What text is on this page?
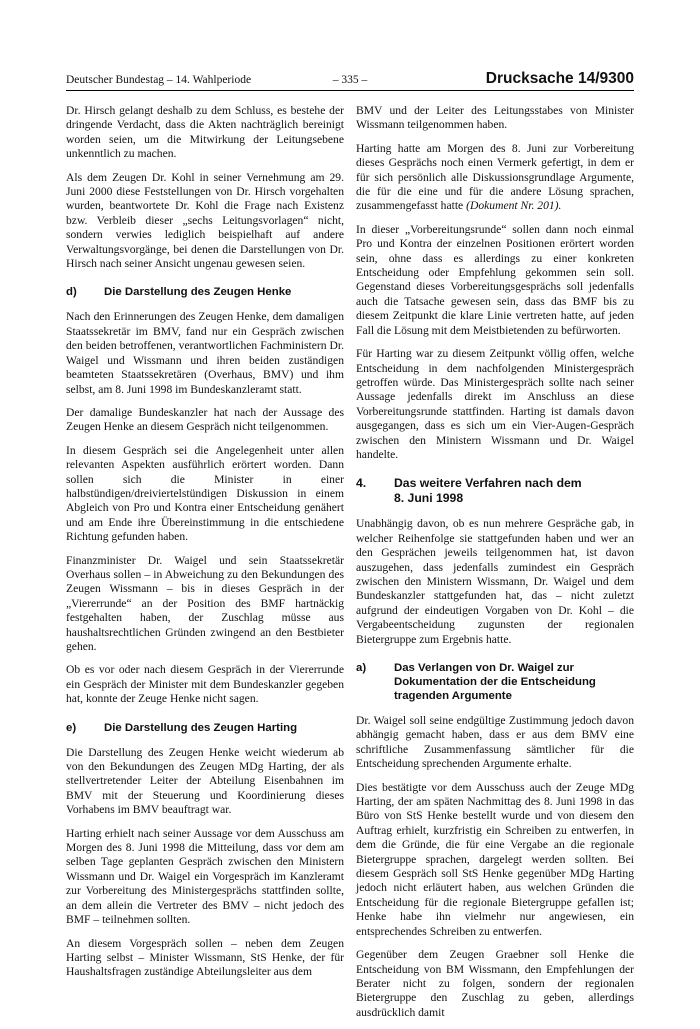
Deutscher Bundestag – 14. Wahlperiode	– 335 –	Drucksache 14/9300

Dr. Hirsch gelangt deshalb zu dem Schluss, es bestehe der dringende Verdacht, dass die Akten nachträglich bereinigt worden seien, um die Mitwirkung der Leitungsebene unkenntlich zu machen.

Als dem Zeugen Dr. Kohl in seiner Vernehmung am 29. Juni 2000 diese Feststellungen von Dr. Hirsch vorgehalten wurden, beantwortete Dr. Kohl die Frage nach Existenz bzw. Verbleib dieser „sechs Leitungsvorlagen“ nicht, sondern verwies lediglich beispielhaft auf andere Verwaltungsvorgänge, bei denen die Darstellungen von Dr. Hirsch nach seiner Ansicht ungenau gewesen seien.

d)	Die Darstellung des Zeugen Henke

Nach den Erinnerungen des Zeugen Henke, dem damaligen Staatssekretär im BMV, fand nur ein Gespräch zwischen den beiden betroffenen, verantwortlichen Fachministern Dr. Waigel und Wissmann und ihren beiden zuständigen beamteten Staatssekretären (Overhaus, BMV) und ihm selbst, am 8. Juni 1998 im Bundeskanzleramt statt.

Der damalige Bundeskanzler hat nach der Aussage des Zeugen Henke an diesem Gespräch nicht teilgenommen.

In diesem Gespräch sei die Angelegenheit unter allen relevanten Aspekten ausführlich erörtert worden. Dann sollen sich die Minister in einer halbstündigen/dreiviertelstündigen Diskussion in einem Abgleich von Pro und Kontra einer Entscheidung genähert und am Ende ihre Übereinstimmung in die entschiedene Richtung gefunden haben.

Finanzminister Dr. Waigel und sein Staatssekretär Overhaus sollen – in Abweichung zu den Bekundungen des Zeugen Wissmann – bis in dieses Gespräch in der „Viererrunde“ an der Position des BMF hartnäckig festgehalten haben, der Zuschlag müsse aus haushaltsrechtlichen Gründen zwingend an den Bestbieter gehen.

Ob es vor oder nach diesem Gespräch in der Viererrunde ein Gespräch der Minister mit dem Bundeskanzler gegeben hat, konnte der Zeuge Henke nicht sagen.

e)	Die Darstellung des Zeugen Harting

Die Darstellung des Zeugen Henke weicht wiederum ab von den Bekundungen des Zeugen MDg Harting, der als stellvertretender Leiter der Abteilung Eisenbahnen im BMV mit der Steuerung und Koordinierung dieses Vorhabens im BMV beauftragt war.

Harting erhielt nach seiner Aussage vor dem Ausschuss am Morgen des 8. Juni 1998 die Mitteilung, dass vor dem am selben Tage geplanten Gespräch zwischen den Ministern Wissmann und Dr. Waigel ein Vorgespräch im Kanzleramt zur Vorbereitung des Ministergesprächs stattfinden sollte, an dem allein die Vertreter des BMV – nicht jedoch des BMF – teilnehmen sollten.

An diesem Vorgespräch sollen – neben dem Zeugen Harting selbst – Minister Wissmann, StS Henke, der für Haushaltsfragen zuständige Abteilungsleiter aus dem

BMV und der Leiter des Leitungsstabes von Minister Wissmann teilgenommen haben.

Harting hatte am Morgen des 8. Juni zur Vorbereitung dieses Gesprächs noch einen Vermerk gefertigt, in dem er für sich persönlich alle Diskussionsgrundlage Argumente, die für die eine und für die andere Lösung sprachen, zusammengefasst hatte (Dokument Nr. 201).

In dieser „Vorbereitungsrunde“ sollen dann noch einmal Pro und Kontra der einzelnen Positionen erörtert worden sein, ohne dass es allerdings zu einer konkreten Entscheidung oder Empfehlung gekommen sein soll. Gegenstand dieses Vorbereitungsgesprächs soll jedenfalls auch die Tatsache gewesen sein, dass das BMF bis zu diesem Zeitpunkt die klare Linie vertreten hatte, auf jeden Fall die Lösung mit dem Meistbietenden zu befürworten.

Für Harting war zu diesem Zeitpunkt völlig offen, welche Entscheidung in dem nachfolgenden Ministergespräch getroffen würde. Das Ministergespräch sollte nach seiner Aussage jedenfalls direkt im Anschluss an diese Vorbereitungsrunde stattfinden. Harting ist damals davon ausgegangen, dass es sich um ein Vier-Augen-Gespräch zwischen den Ministern Wissmann und Dr. Waigel handelte.

4.	Das weitere Verfahren nach dem
8. Juni 1998

Unabhängig davon, ob es nun mehrere Gespräche gab, in welcher Reihenfolge sie stattgefunden haben und wer an den Gesprächen jeweils teilgenommen hat, ist davon auszugehen, dass jedenfalls zumindest ein Gespräch zwischen den Ministern Wissmann, Dr. Waigel und dem Bundeskanzler stattgefunden hat, das – nicht zuletzt aufgrund der eindeutigen Vorgaben von Dr. Kohl – die Vergabeentscheidung zugunsten der regionalen Bietergruppe zum Ergebnis hatte.

a)	Das Verlangen von Dr. Waigel zur
Dokumentation der die Entscheidung
tragenden Argumente

Dr. Waigel soll seine endgültige Zustimmung jedoch davon abhängig gemacht haben, dass er aus dem BMV eine schriftliche Zusammenfassung sämtlicher für die Entscheidung sprechenden Argumente erhalte.

Dies bestätigte vor dem Ausschuss auch der Zeuge MDg Harting, der am späten Nachmittag des 8. Juni 1998 in das Büro von StS Henke bestellt wurde und von diesem den Auftrag erhielt, kurzfristig ein Schreiben zu entwerfen, in dem die Gründe, die für eine Vergabe an die regionale Bietergruppe sprachen, dargelegt werden sollten. Bei diesem Gespräch soll StS Henke gegenüber MDg Harting jedoch nicht erläutert haben, aus welchen Gründen die Entscheidung für die regionale Bietergruppe gefallen ist; Henke habe ihn vielmehr nur angewiesen, ein entsprechendes Schreiben zu entwerfen.

Gegenüber dem Zeugen Graebner soll Henke die Entscheidung von BM Wissmann, den Empfehlungen der Berater nicht zu folgen, sondern der regionalen Bietergruppe den Zuschlag zu geben, allerdings ausdrücklich damit
